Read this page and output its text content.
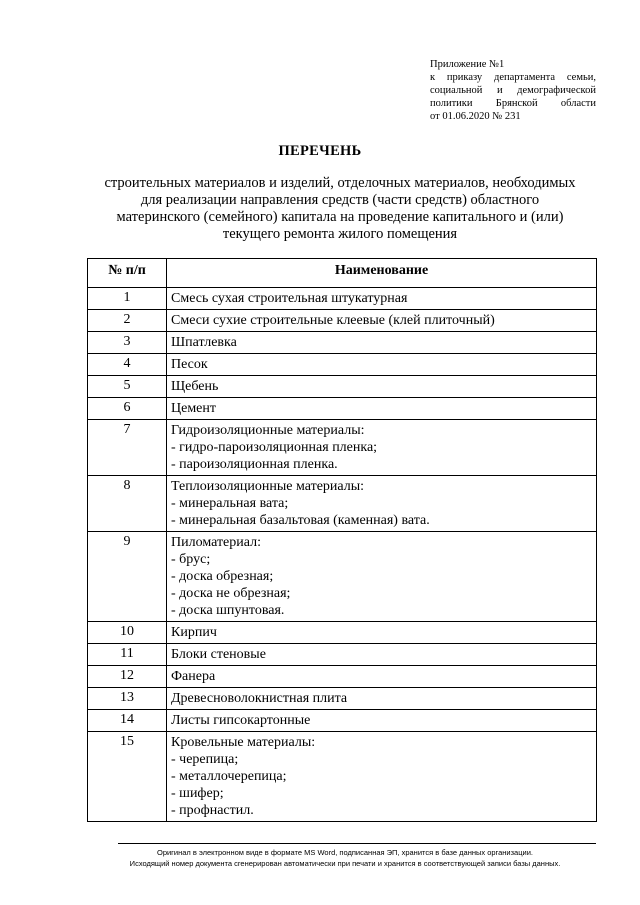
Приложение №1
к приказу департамента семьи,
социальной и демографической
политики Брянской области
от 01.06.2020 № 231
ПЕРЕЧЕНЬ
строительных материалов и изделий, отделочных материалов, необходимых
для реализации направления средств (части средств) областного
материнского (семейного) капитала на проведение капитального и (или)
текущего ремонта жилого помещения
№ п/п	Наименование
1	Смесь сухая строительная штукатурная

2	Смеси сухие строительные клеевые (клей плиточный)

3	Шпатлевка

4	Песок

5	Щебень

6	Цемент

7	Гидроизоляционные материалы:
- гидро-пароизоляционная пленка;
- пароизоляционная пленка.

8	Теплоизоляционные материалы:
- минеральная вата;
- минеральная базальтовая (каменная) вата.

9	Пиломатериал:
- брус;
- доска обрезная;
- доска не обрезная;
- доска шпунтовая.

10	Кирпич

11	Блоки стеновые

12	Фанера

13	Древесноволокнистная плита

14	Листы гипсокартонные

15	Кровельные материалы:
- черепица;
- металлочерепица;
- шифер;
- профнастил.
Оригинал в электронном виде в формате MS Word, подписанная ЭП, хранится в базе данных организации.
Исходящий номер документа сгенерирован автоматически при печати и хранится в соответствующей записи базы данных.
